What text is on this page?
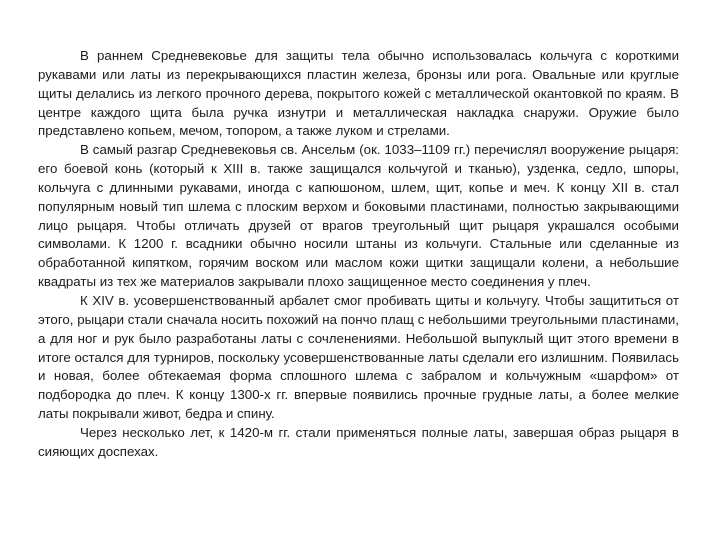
В раннем Средневековье для защиты тела обычно использовалась кольчуга с короткими рукавами или латы из перекрывающихся пластин железа, бронзы или рога. Овальные или круглые щиты делались из легкого прочного дерева, покрытого кожей с металлической окантовкой по краям. В центре каждого щита была ручка изнутри и металлическая накладка снаружи. Оружие было представлено копьем, мечом, топором, а также луком и стрелами.

В самый разгар Средневековья св. Ансельм (ок. 1033–1109 гг.) перечислял вооружение рыцаря: его боевой конь (который к XIII в. также защищался кольчугой и тканью), узденка, седло, шпоры, кольчуга с длинными рукавами, иногда с капюшоном, шлем, щит, копье и меч. К концу XII в. стал популярным новый тип шлема с плоским верхом и боковыми пластинами, полностью закрывающими лицо рыцаря. Чтобы отличать друзей от врагов треугольный щит рыцаря украшался особыми символами. К 1200 г. всадники обычно носили штаны из кольчуги. Стальные или сделанные из обработанной кипятком, горячим воском или маслом кожи щитки защищали колени, а небольшие квадраты из тех же материалов закрывали плохо защищенное место соединения у плеч.

К XIV в. усовершенствованный арбалет смог пробивать щиты и кольчугу. Чтобы защититься от этого, рыцари стали сначала носить похожий на пончо плащ с небольшими треугольными пластинами, а для ног и рук было разработаны латы с сочленениями. Небольшой выпуклый щит этого времени в итоге остался для турниров, поскольку усовершенствованные латы сделали его излишним. Появилась и новая, более обтекаемая форма сплошного шлема с забралом и кольчужным «шарфом» от подбородка до плеч. К концу 1300-х гг. впервые появились прочные грудные латы, а более мелкие латы покрывали живот, бедра и спину.

Через несколько лет, к 1420-м гг. стали применяться полные латы, завершая образ рыцаря в сияющих доспехах.
